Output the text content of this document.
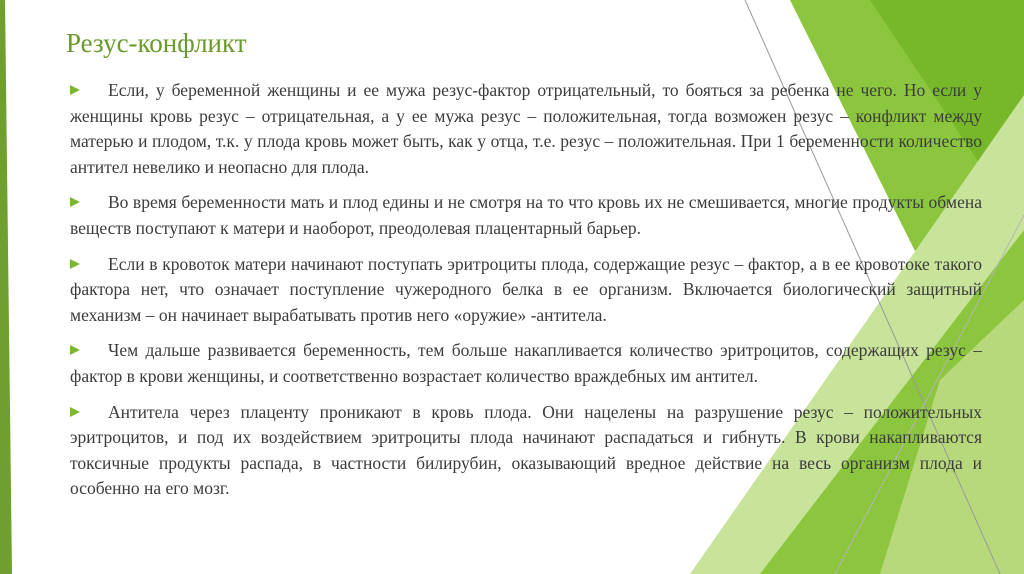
Резус-конфликт
Если, у беременной женщины и ее мужа резус-фактор отрицательный, то бояться за ребенка не чего. Но если у женщины кровь резус – отрицательная, а у ее мужа резус – положительная, тогда возможен резус – конфликт между матерью и плодом, т.к. у плода кровь может быть, как у отца, т.е. резус – положительная. При 1 беременности количество антител невелико и неопасно для плода.
Во время беременности мать и плод едины и не смотря на то что кровь их не смешивается, многие продукты обмена веществ поступают к матери и наоборот, преодолевая плацентарный барьер.
Если в кровоток матери начинают поступать эритроциты плода, содержащие резус – фактор, а в ее кровотоке такого фактора нет, что означает поступление чужеродного белка в ее организм. Включается биологический защитный механизм – он начинает вырабатывать против него «оружие» -антитела.
Чем дальше развивается беременность, тем больше накапливается количество эритроцитов, содержащих резус – фактор в крови женщины, и соответственно возрастает количество враждебных им антител.
Антитела через плаценту проникают в кровь плода. Они нацелены на разрушение резус – положительных эритроцитов, и под их воздействием эритроциты плода начинают распадаться и гибнуть. В крови накапливаются токсичные продукты распада, в частности билирубин, оказывающий вредное действие на весь организм плода и особенно на его мозг.
